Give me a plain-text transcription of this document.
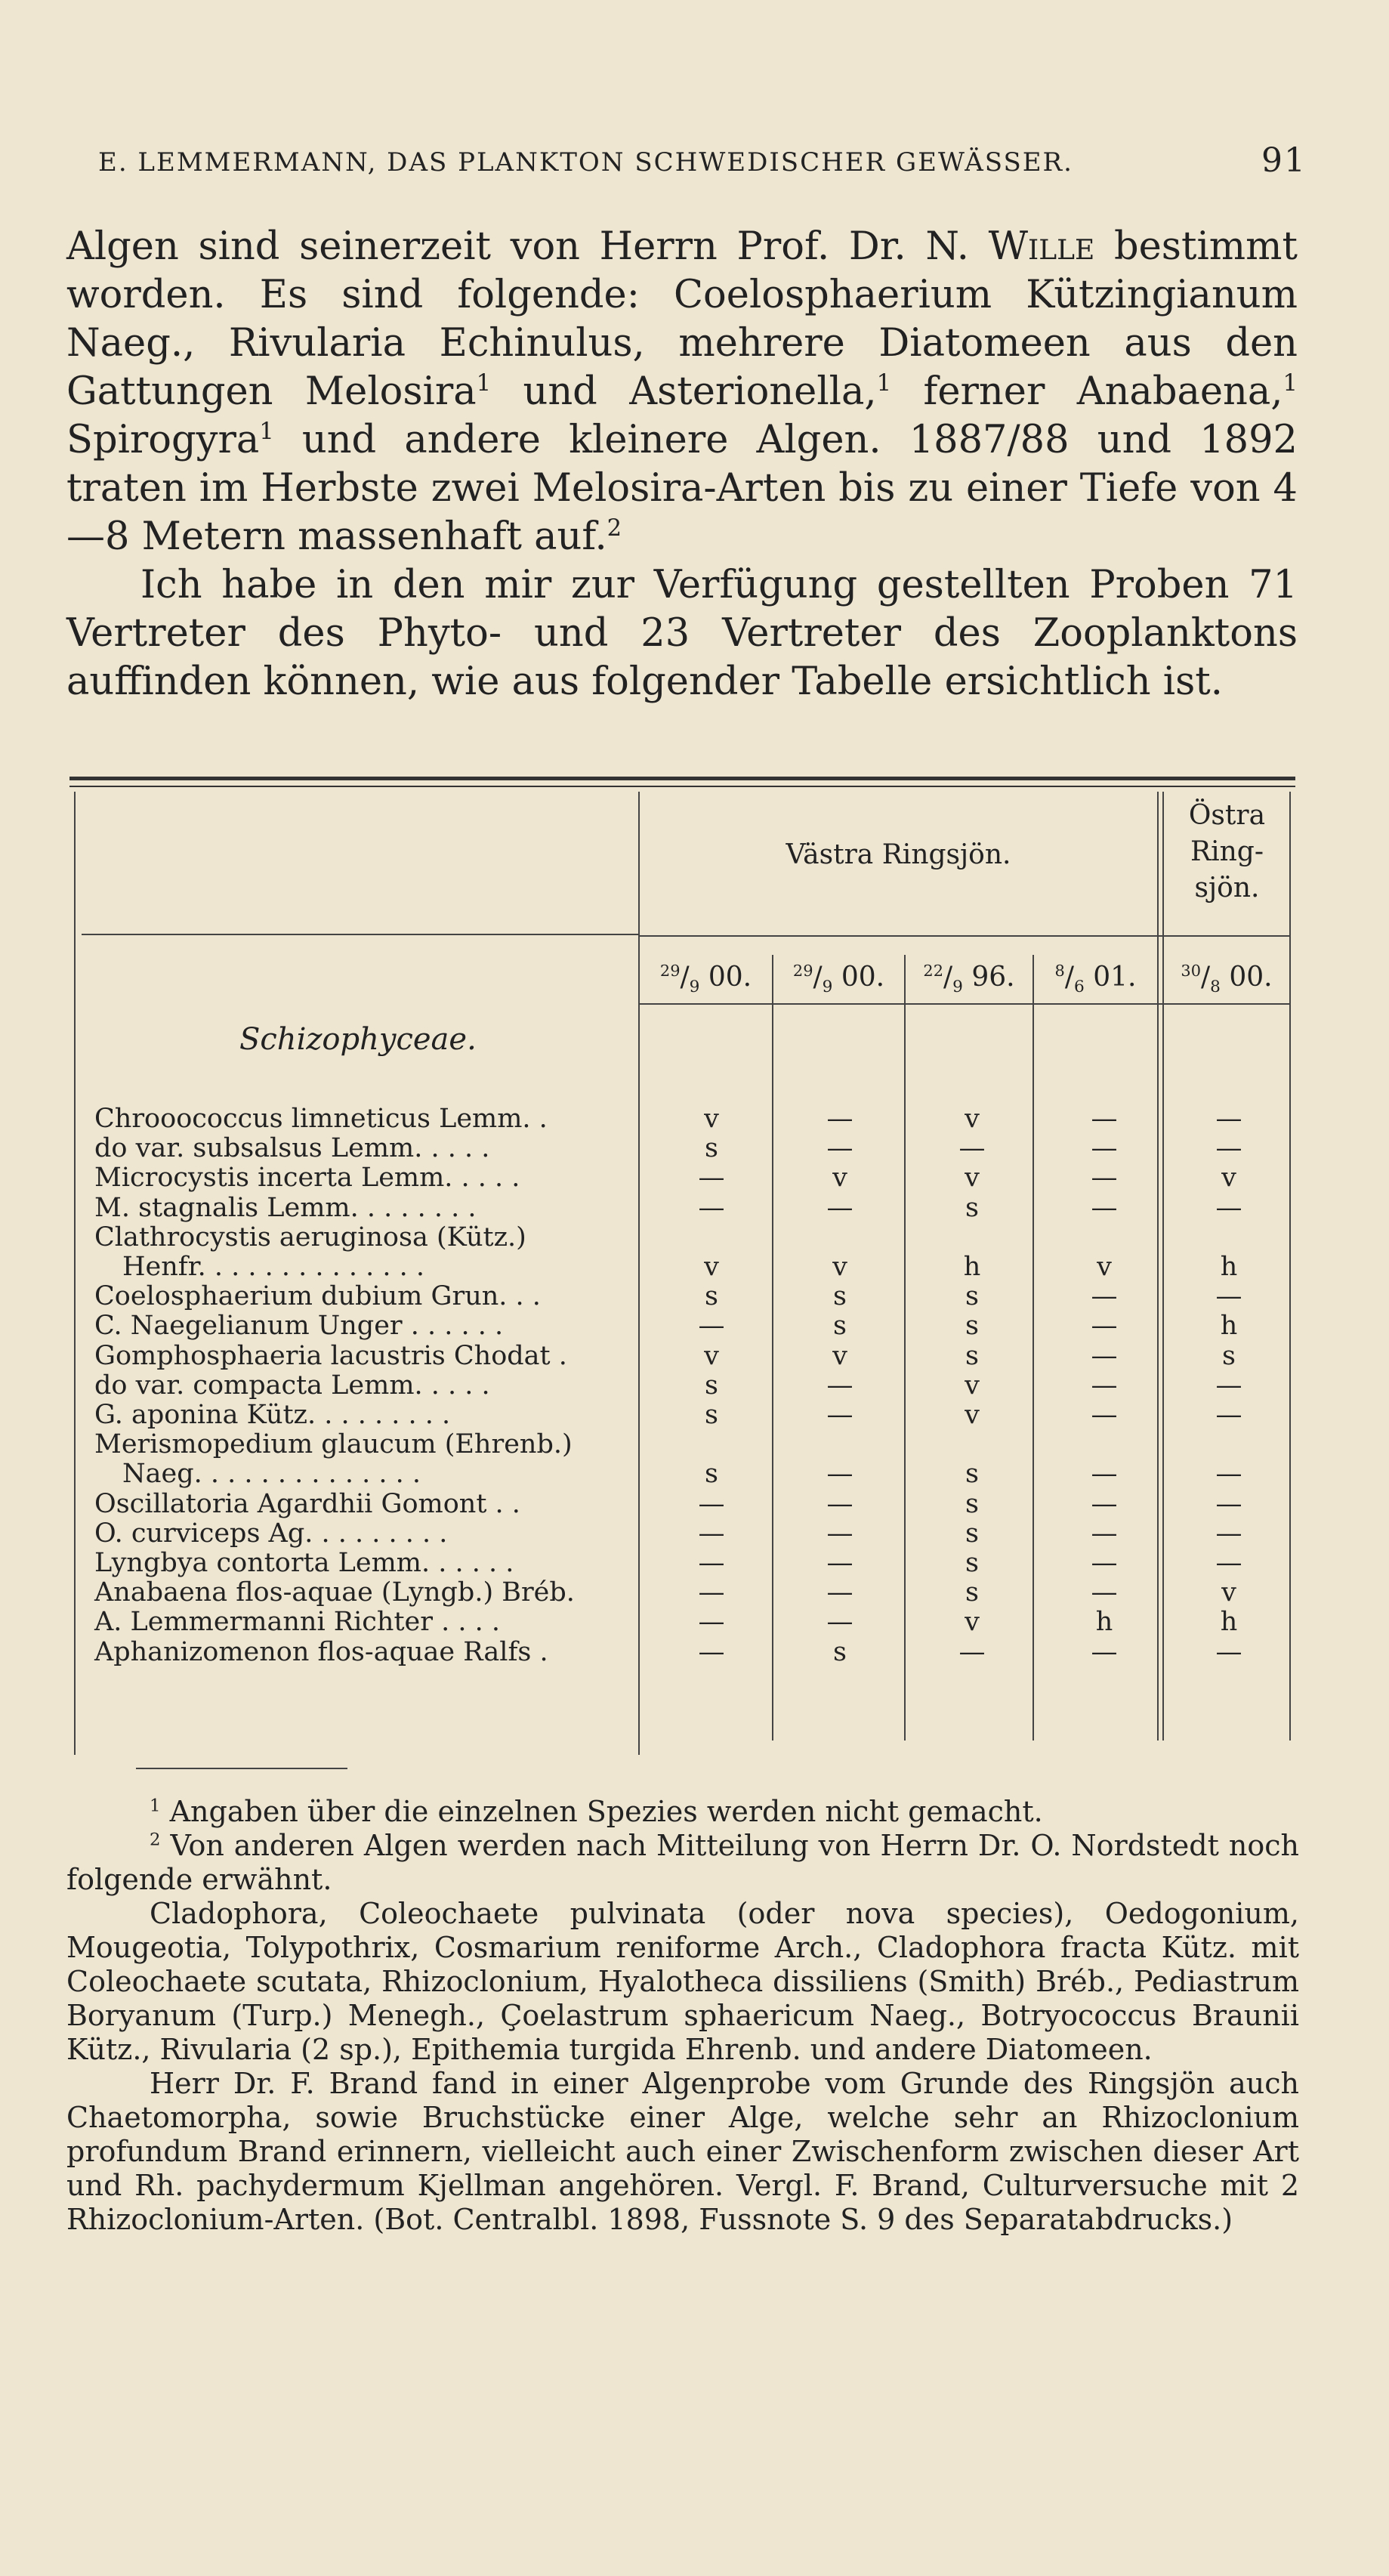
E. LEMMERMANN, DAS PLANKTON SCHWEDISCHER GEWÄSSER.	91

Algen sind seinerzeit von Herrn Prof. Dr. N. Wille bestimmt worden. Es sind folgende: Coelosphaerium Kützingianum Naeg., Rivularia Echinulus, mehrere Diatomeen aus den Gattungen Melosira$^1$ und Asterionella,$^1$ ferner Anabaena,$^1$ Spirogyra$^1$ und andere kleinere Algen. 1887/88 und 1892 traten im Herbste zwei Melosira-Arten bis zu einer Tiefe von 4—8 Metern massenhaft auf.$^2$

Ich habe in den mir zur Verfügung gestellten Proben 71 Vertreter des Phyto- und 23 Vertreter des Zooplanktons auffinden können, wie aus folgender Tabelle ersichtlich ist.

Västra Ringsjön.
Östra
Ring-
sjön.
$^{29}/_9$ 00.	$^{29}/_9$ 00.	$^{22}/_9$ 96.	$^8/_6$ 01.	$^{30}/_8$ 00.
Schizophyceae.
Chrooococcus limneticus Lemm. .	v	—	v	—	—
do var. subsalsus Lemm. . . . .	s	—	—	—	—
Microcystis incerta Lemm. . . . .	—	v	v	—	v
M. stagnalis Lemm. . . . . . . .	—	—	s	—	—
Clathrocystis aeruginosa (Kütz.)
Henfr. . . . . . . . . . . . . .	v	v	h	v	h
Coelosphaerium dubium Grun. . .	s	s	s	—	—
C. Naegelianum Unger . . . . . .	—	s	s	—	h
Gomphosphaeria lacustris Chodat .	v	v	s	—	s
do var. compacta Lemm. . . . .	s	—	v	—	—
G. aponina Kütz. . . . . . . . .	s	—	v	—	—
Merismopedium glaucum (Ehrenb.)
Naeg. . . . . . . . . . . . . .	s	—	s	—	—
Oscillatoria Agardhii Gomont . .	—	—	s	—	—
O. curviceps Ag. . . . . . . . .	—	—	s	—	—
Lyngbya contorta Lemm. . . . . .	—	—	s	—	—
Anabaena flos-aquae (Lyngb.) Bréb.	—	—	s	—	v
A. Lemmermanni Richter . . . .	—	—	v	h	h
Aphanizomenon flos-aquae Ralfs .	—	s	—	—	—

$^1$ Angaben über die einzelnen Spezies werden nicht gemacht.

$^2$ Von anderen Algen werden nach Mitteilung von Herrn Dr. O. Nordstedt noch folgende erwähnt.

Cladophora, Coleochaete pulvinata (oder nova species), Oedogonium, Mougeotia, Tolypothrix, Cosmarium reniforme Arch., Cladophora fracta Kütz. mit Coleochaete scutata, Rhizoclonium, Hyalotheca dissiliens (Smith) Bréb., Pediastrum Boryanum (Turp.) Menegh., Çoelastrum sphaericum Naeg., Botryococcus Braunii Kütz., Rivularia (2 sp.), Epithemia turgida Ehrenb. und andere Diatomeen.

Herr Dr. F. Brand fand in einer Algenprobe vom Grunde des Ringsjön auch Chaetomorpha, sowie Bruchstücke einer Alge, welche sehr an Rhizoclonium profundum Brand erinnern, vielleicht auch einer Zwischenform zwischen dieser Art und Rh. pachydermum Kjellman angehören. Vergl. F. Brand, Culturversuche mit 2 Rhizoclonium-Arten. (Bot. Centralbl. 1898, Fussnote S. 9 des Separatabdrucks.)
